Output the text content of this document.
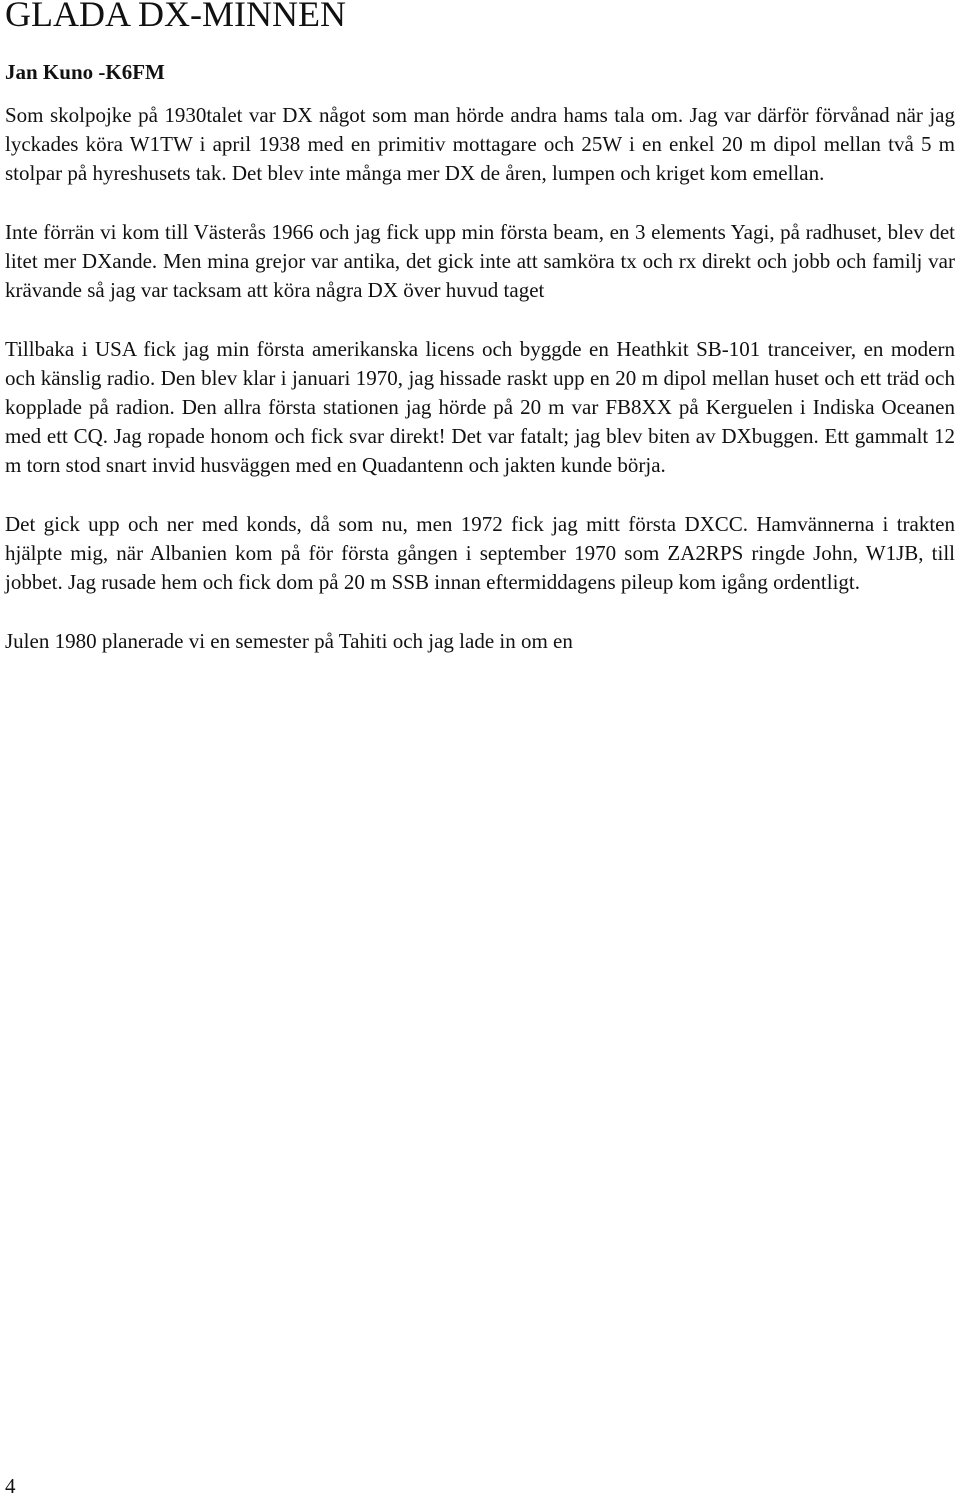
GLADA DX-MINNEN

Jan Kuno -K6FM

Som skolpojke på 1930talet var DX något som man hörde andra hams tala om. Jag var därför förvånad när jag lyckades köra W1TW i april 1938 med en primitiv mottagare och 25W i en enkel 20 m dipol mellan två 5 m stolpar på hyreshusets tak. Det blev inte många mer DX de åren, lumpen och kriget kom emellan.

Inte förrän vi kom till Västerås 1966 och jag fick upp min första beam, en 3 elements Yagi, på radhuset, blev det litet mer DXande. Men mina grejor var antika, det gick inte att samköra tx och rx direkt och jobb och familj var krävande så jag var tacksam att köra några DX över huvud taget

Tillbaka i USA fick jag min första amerikanska licens och byggde en Heathkit SB-101 tranceiver, en modern och känslig radio. Den blev klar i januari 1970, jag hissade raskt upp en 20 m dipol mellan huset och ett träd och kopplade på radion. Den allra första stationen jag hörde på 20 m var FB8XX på Kerguelen i Indiska Oceanen med ett CQ. Jag ropade honom och fick svar direkt! Det var fatalt; jag blev biten av DXbuggen. Ett gammalt 12 m torn stod snart invid husväggen med en Quadantenn och jakten kunde börja.

Det gick upp och ner med konds, då som nu, men 1972 fick jag mitt första DXCC. Hamvännerna i trakten hjälpte mig, när Albanien kom på för första gången i september 1970 som ZA2RPS ringde John, W1JB, till jobbet. Jag rusade hem och fick dom på 20 m SSB innan eftermiddagens pileup kom igång ordentligt.

Julen 1980 planerade vi en semester på Tahiti och jag lade in om en

4
